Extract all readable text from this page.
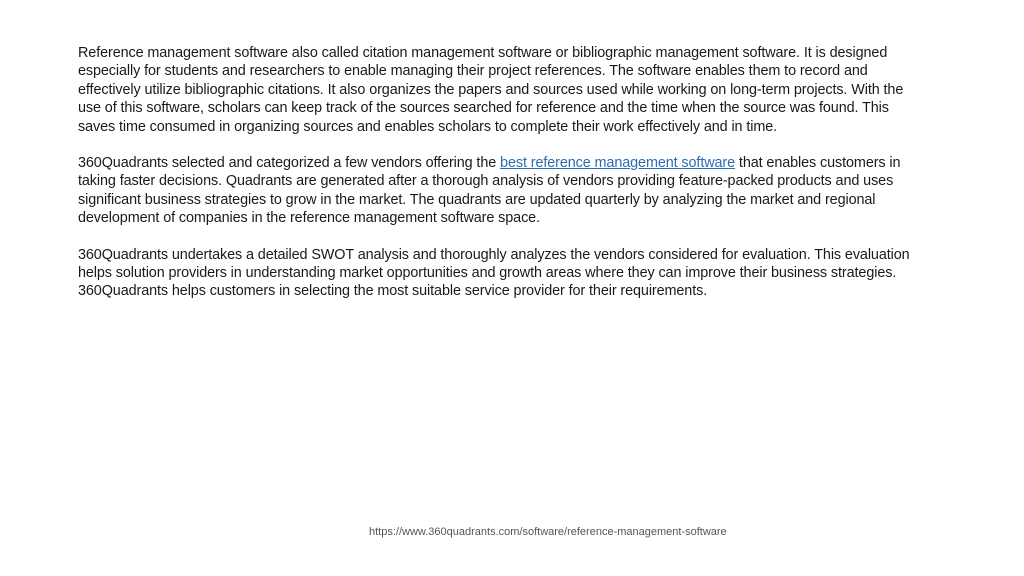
Reference management software also called citation management software or bibliographic management software. It is designed especially for students and researchers to enable managing their project references. The software enables them to record and effectively utilize bibliographic citations. It also organizes the papers and sources used while working on long-term projects. With the use of this software, scholars can keep track of the sources searched for reference and the time when the source was found. This saves time consumed in organizing sources and enables scholars to complete their work effectively and in time.

360Quadrants selected and categorized a few vendors offering the best reference management software that enables customers in taking faster decisions. Quadrants are generated after a thorough analysis of vendors providing feature-packed products and uses significant business strategies to grow in the market. The quadrants are updated quarterly by analyzing the market and regional development of companies in the reference management software space.

360Quadrants undertakes a detailed SWOT analysis and thoroughly analyzes the vendors considered for evaluation. This evaluation helps solution providers in understanding market opportunities and growth areas where they can improve their business strategies. 360Quadrants helps customers in selecting the most suitable service provider for their requirements.

https://www.360quadrants.com/software/reference-management-software
